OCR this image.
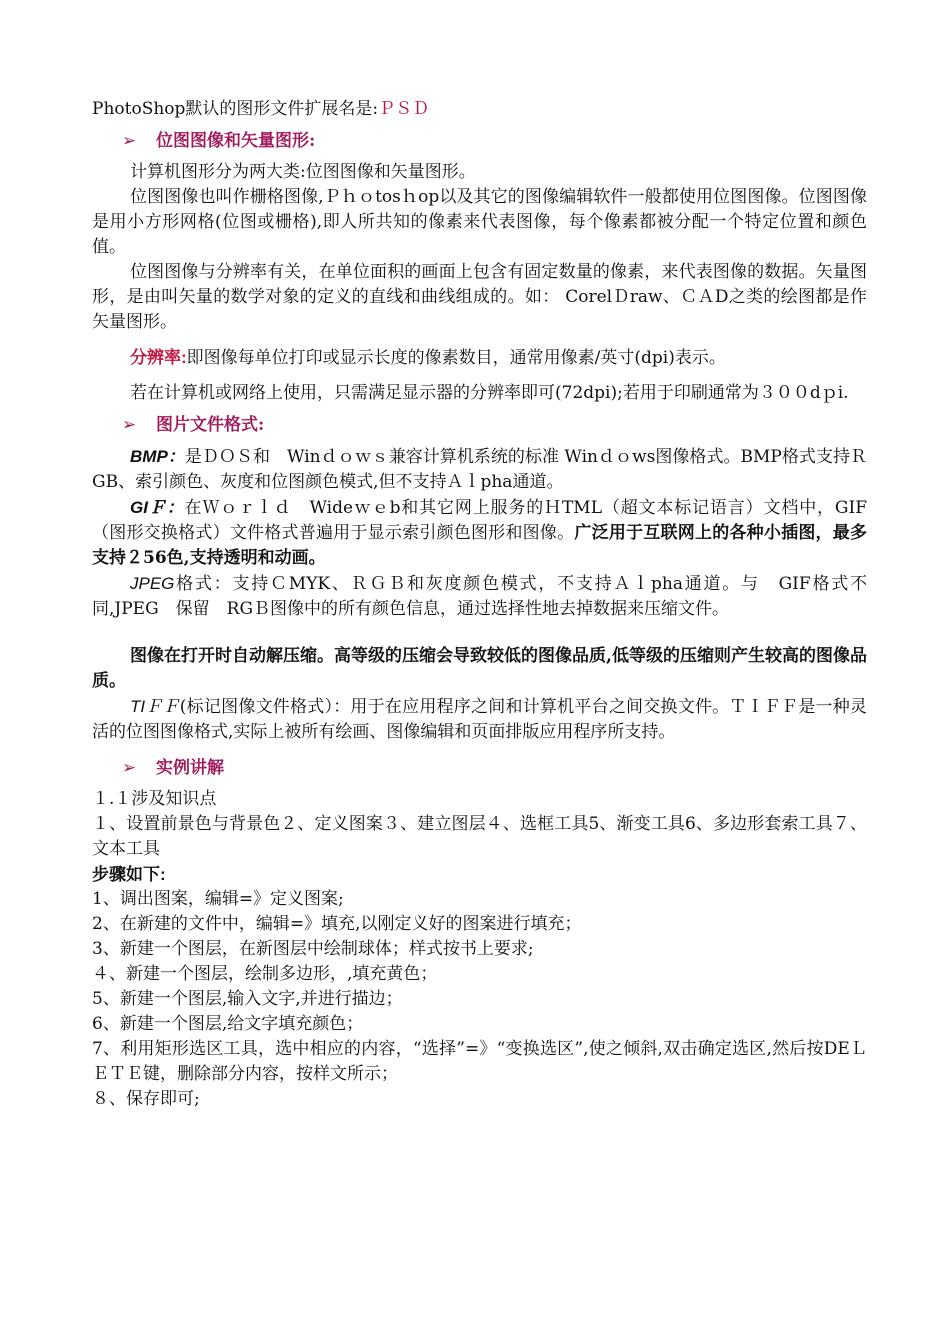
PhotoShop默认的图形文件扩展名是:ＰＳＤ

➢ 位图图像和矢量图形:

计算机图形分为两大类:位图图像和矢量图形。

位图图像也叫作栅格图像,Ｐｈｏtosｈop以及其它的图像编辑软件一般都使用位图图像。位图图像是用小方形网格(位图或栅格),即人所共知的像素来代表图像，每个像素都被分配一个特定位置和颜色值。

位图图像与分辨率有关，在单位面积的画面上包含有固定数量的像素，来代表图像的数据。矢量图形，是由叫矢量的数学对象的定义的直线和曲线组成的。如： CorelＤraw、ＣＡD之类的绘图都是作矢量图形。

分辨率:即图像每单位打印或显示长度的像素数目，通常用像素/英寸(dpi)表示。

若在计算机或网络上使用，只需满足显示器的分辨率即可(72dpi);若用于印刷通常为３００dｐi.

➢ 图片文件格式:

BMP：是ＤＯＳ和　Winｄｏｗｓ兼容计算机系统的标准 Winｄｏws图像格式。BMP格式支持ＲGB、索引颜色、灰度和位图颜色模式,但不支持Ａｌpha通道。

GIＦ：在Ｗｏｒｌｄ　Wideｗｅb和其它网上服务的ＨTML（超文本标记语言）文档中，GIF（图形交换格式）文件格式普遍用于显示索引颜色图形和图像。广泛用于互联网上的各种小插图，最多支持２56色,支持透明和动画。

JPEG格式：支持ＣMYK、ＲＧＢ和灰度颜色模式，不支持Ａｌpha通道。与　GIF格式不同,JPEG　保留　RGＢ图像中的所有颜色信息，通过选择性地去掉数据来压缩文件。

图像在打开时自动解压缩。高等级的压缩会导致较低的图像品质,低等级的压缩则产生较高的图像品质。

TIＦＦ(标记图像文件格式）：用于在应用程序之间和计算机平台之间交换文件。ＴＩＦＦ是一种灵活的位图图像格式,实际上被所有绘画、图像编辑和页面排版应用程序所支持。

➢ 实例讲解

１.１涉及知识点

１、设置前景色与背景色２、定义图案３、建立图层４、选框工具5、渐变工具6、多边形套索工具７、文本工具

步骤如下:

1、调出图案，编辑=》定义图案;

2、在新建的文件中，编辑=》填充,以刚定义好的图案进行填充；

3、新建一个图层，在新图层中绘制球体；样式按书上要求;

４、新建一个图层，绘制多边形，,填充黄色；

5、新建一个图层,输入文字,并进行描边；

6、新建一个图层,给文字填充颜色；

7、利用矩形选区工具，选中相应的内容，“选择”=》“变换选区”,使之倾斜,双击确定选区,然后按DEＬＥＴＥ键，删除部分内容，按样文所示；

８、保存即可;
